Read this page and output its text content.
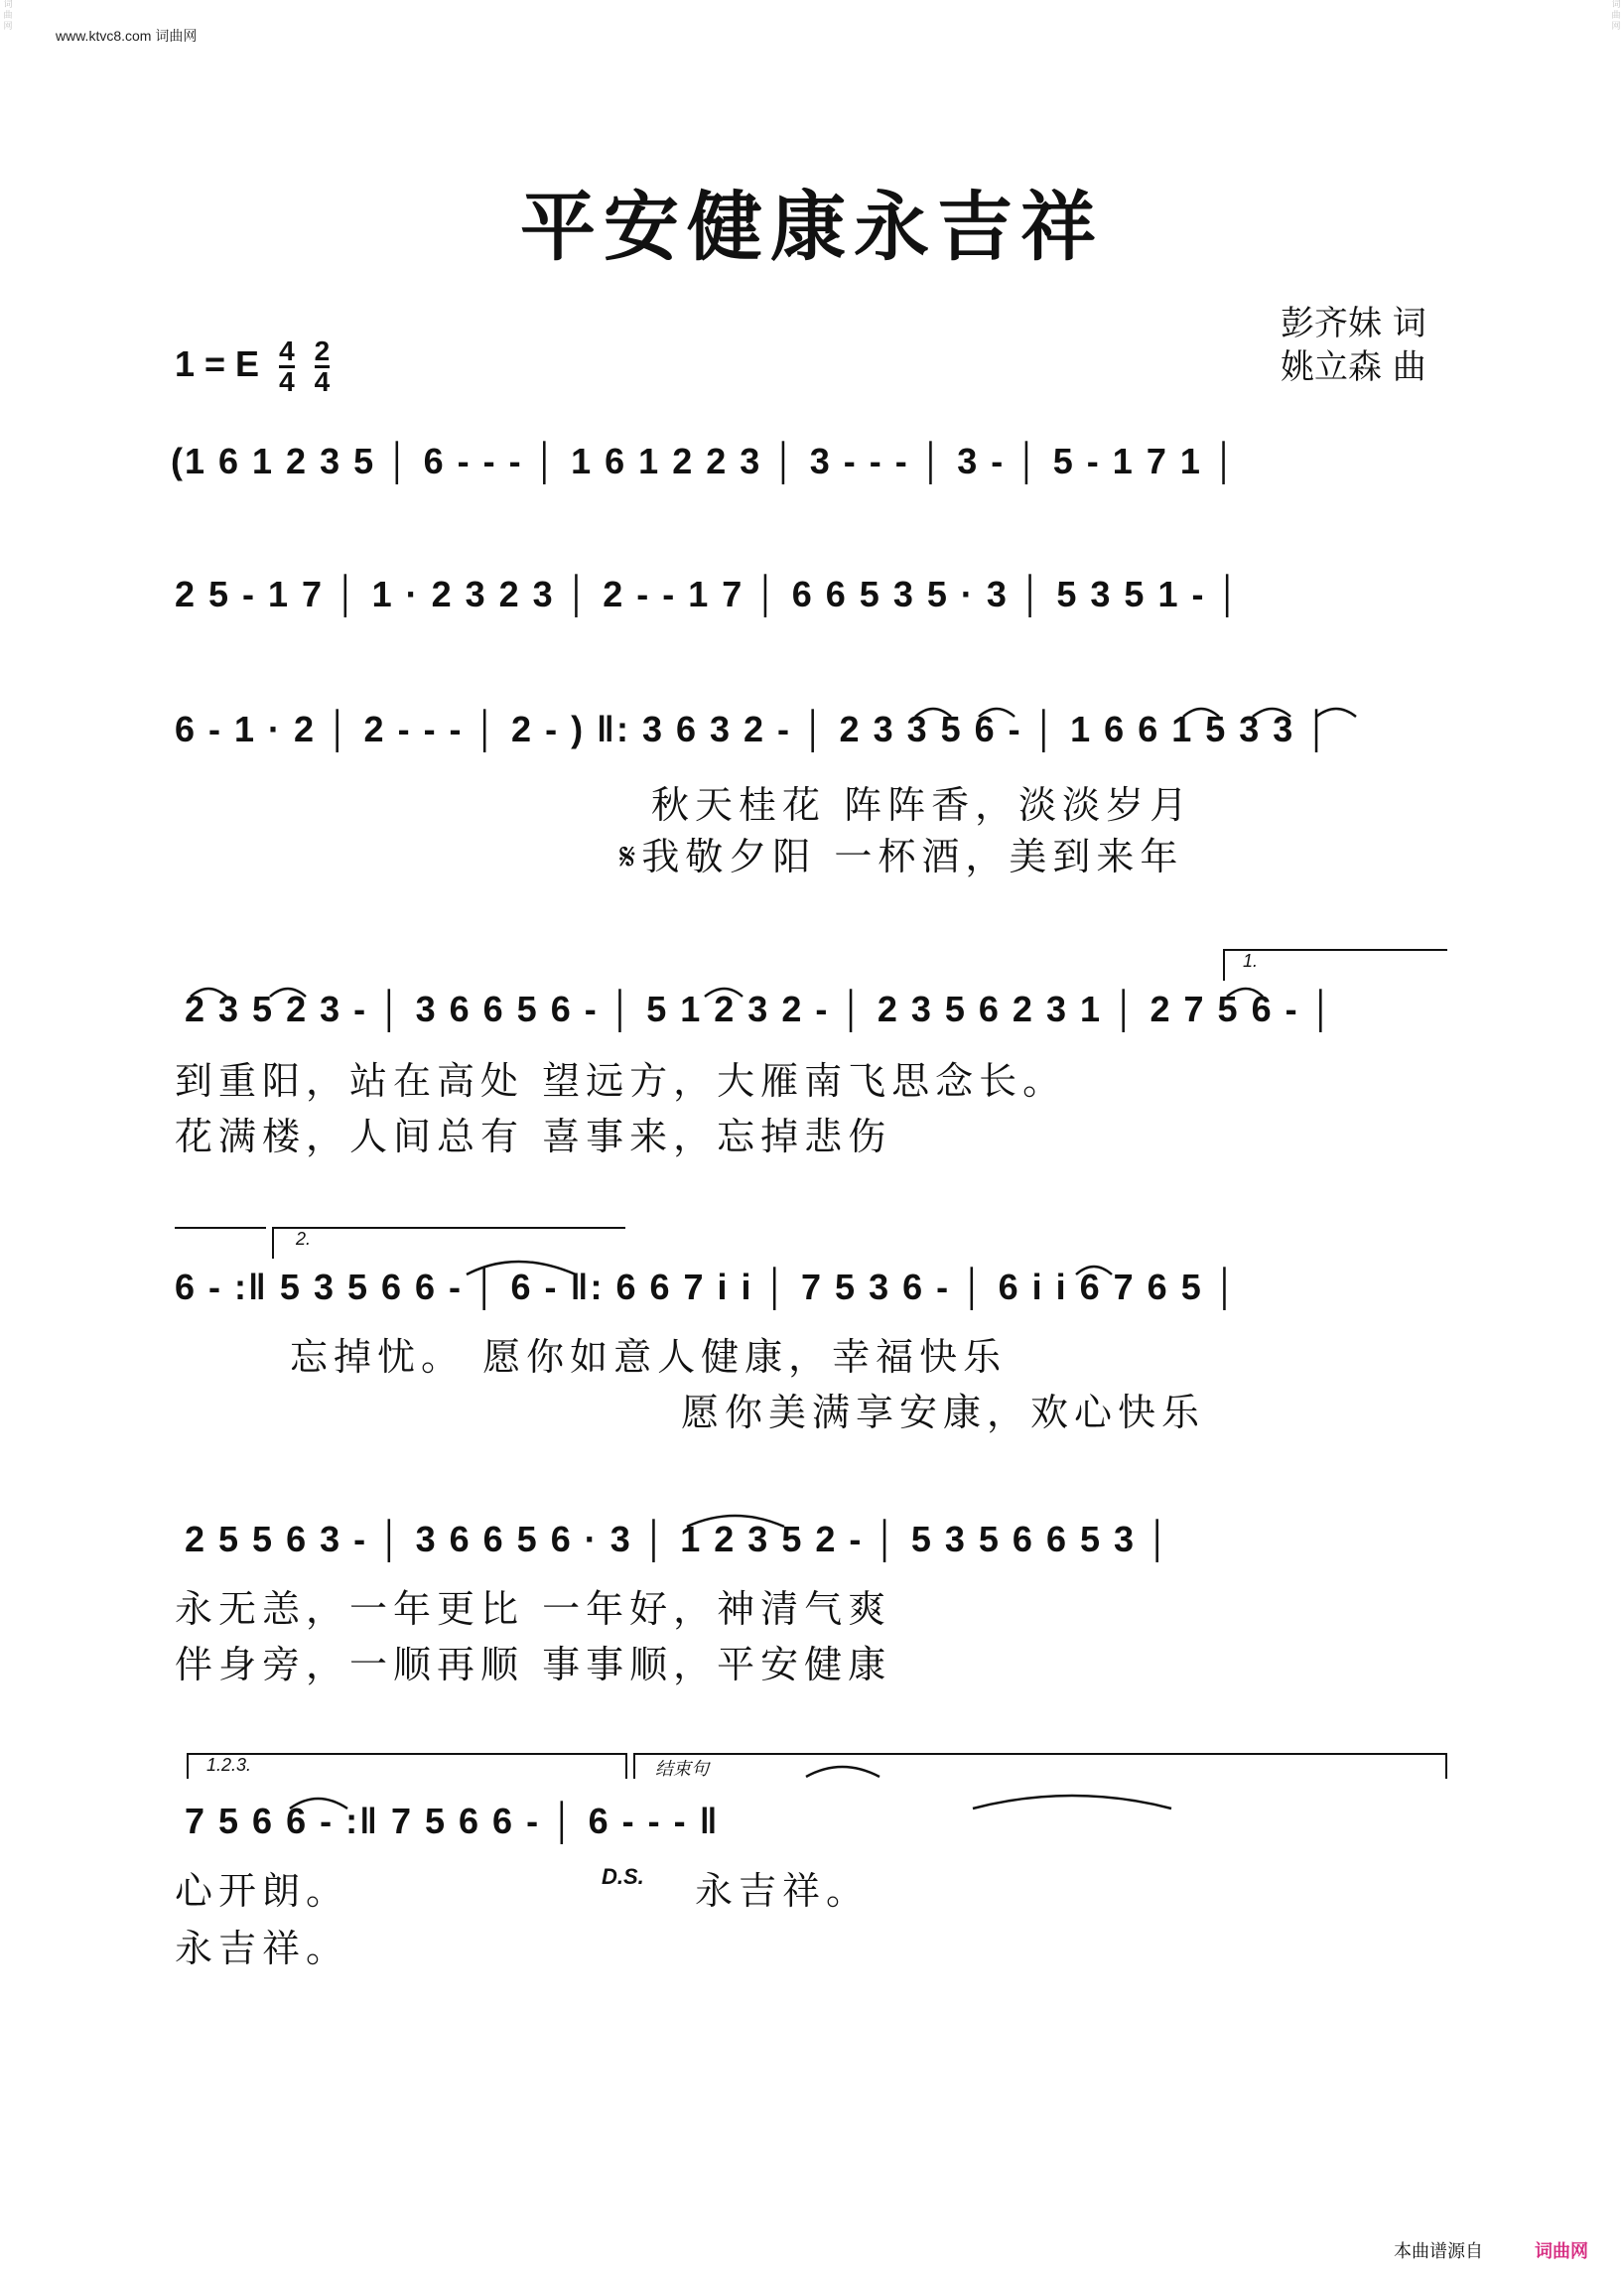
www.ktvc8.com 词曲网
词曲网
词曲网
平安健康永吉祥
彭齐妹 词
姚立森 曲
1 = E $\frac{4}{4}$
$\frac{2}{4}$
(1 6 1 2 3 5 │ 6 - - - │ 1 6 1 2 2 3 │ 3 - - - │ 3 - │ 5 - 1 7 1 │
2 5 - 1 7 │ 1 · 2 3 2 3 │ 2 - - 1 7 │ 6 6 5 3 5 · 3 │ 5 3 5 1 - │
6 - 1 · 2 │ 2 - - - │ 2 - ) ‖: 3 6 3 2 - │ 2 3 3 5 6 - │ 1 6 6 1 5 3 3 │
秋天桂花 阵阵香，淡淡岁月
𝄋我敬夕阳 一杯酒，美到来年
1.
2 3 5 2 3 - │ 3 6 6 5 6 - │ 5 1 2 3 2 - │ 2 3 5 6 2 3 1 │ 2 7 5 6 - │
到重阳，站在高处 望远方，大雁南飞思念长。
花满楼，人间总有 喜事来，忘掉悲伤
2.
6 - :‖ 5 3 5 6 6 - │ 6 - ‖: 6 6 7 i i │ 7 5 3 6 - │ 6 i i 6 7 6 5 │
忘掉忧。 愿你如意人健康，幸福快乐
愿你美满享安康，欢心快乐
2 5 5 6 3 - │ 3 6 6 5 6 · 3 │ 1 2 3 5 2 - │ 5 3 5 6 6 5 3 │
永无恙，一年更比 一年好，神清气爽
伴身旁，一顺再顺 事事顺，平安健康
1.2.3.	结束句
7 5 6 6 - :‖ 7 5 6 6 - │ 6 - - - ‖
心开朗。	D.S. 永吉祥。
永吉祥。
本曲谱源自	词曲网
